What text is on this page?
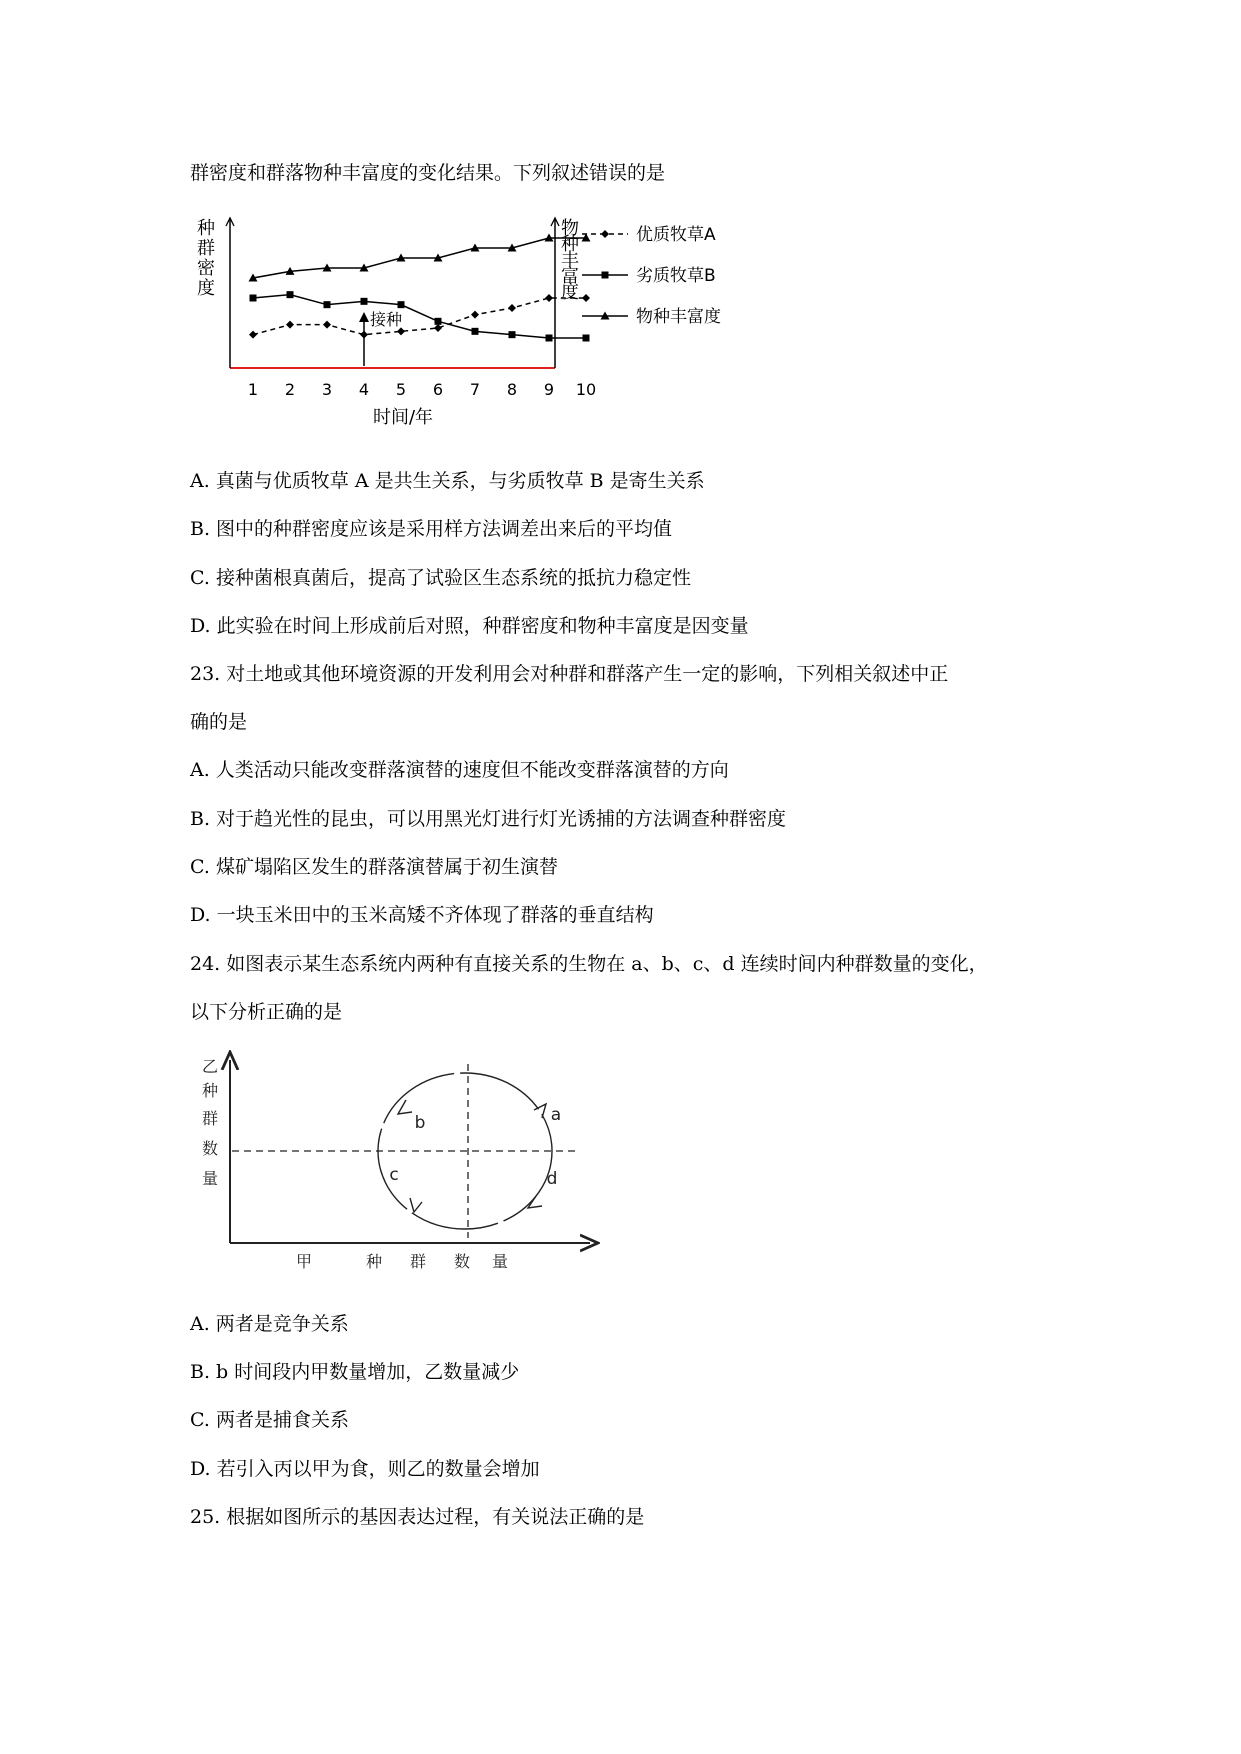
群密度和群落物种丰富度的变化结果。下列叙述错误的是
1 2 3 4 5 6 7 8 9 10
时间/年
种
群
密
度
物
种
丰
富
度
接种
优质牧草A
劣质牧草B
物种丰富度
A. 真菌与优质牧草 A 是共生关系，与劣质牧草 B 是寄生关系
B. 图中的种群密度应该是采用样方法调差出来后的平均值
C. 接种菌根真菌后，提高了试验区生态系统的抵抗力稳定性
D. 此实验在时间上形成前后对照，种群密度和物种丰富度是因变量
23. 对土地或其他环境资源的开发利用会对种群和群落产生一定的影响，下列相关叙述中正
确的是
A. 人类活动只能改变群落演替的速度但不能改变群落演替的方向
B. 对于趋光性的昆虫，可以用黑光灯进行灯光诱捕的方法调查种群密度
C. 煤矿塌陷区发生的群落演替属于初生演替
D. 一块玉米田中的玉米高矮不齐体现了群落的垂直结构
24. 如图表示某生态系统内两种有直接关系的生物在 a、b、c、d 连续时间内种群数量的变化，
以下分析正确的是
a
b
c	d
乙
种
群
数
量
甲	种 群 数 量
A. 两者是竞争关系
B. b 时间段内甲数量增加，乙数量减少
C. 两者是捕食关系
D. 若引入丙以甲为食，则乙的数量会增加
25. 根据如图所示的基因表达过程，有关说法正确的是
